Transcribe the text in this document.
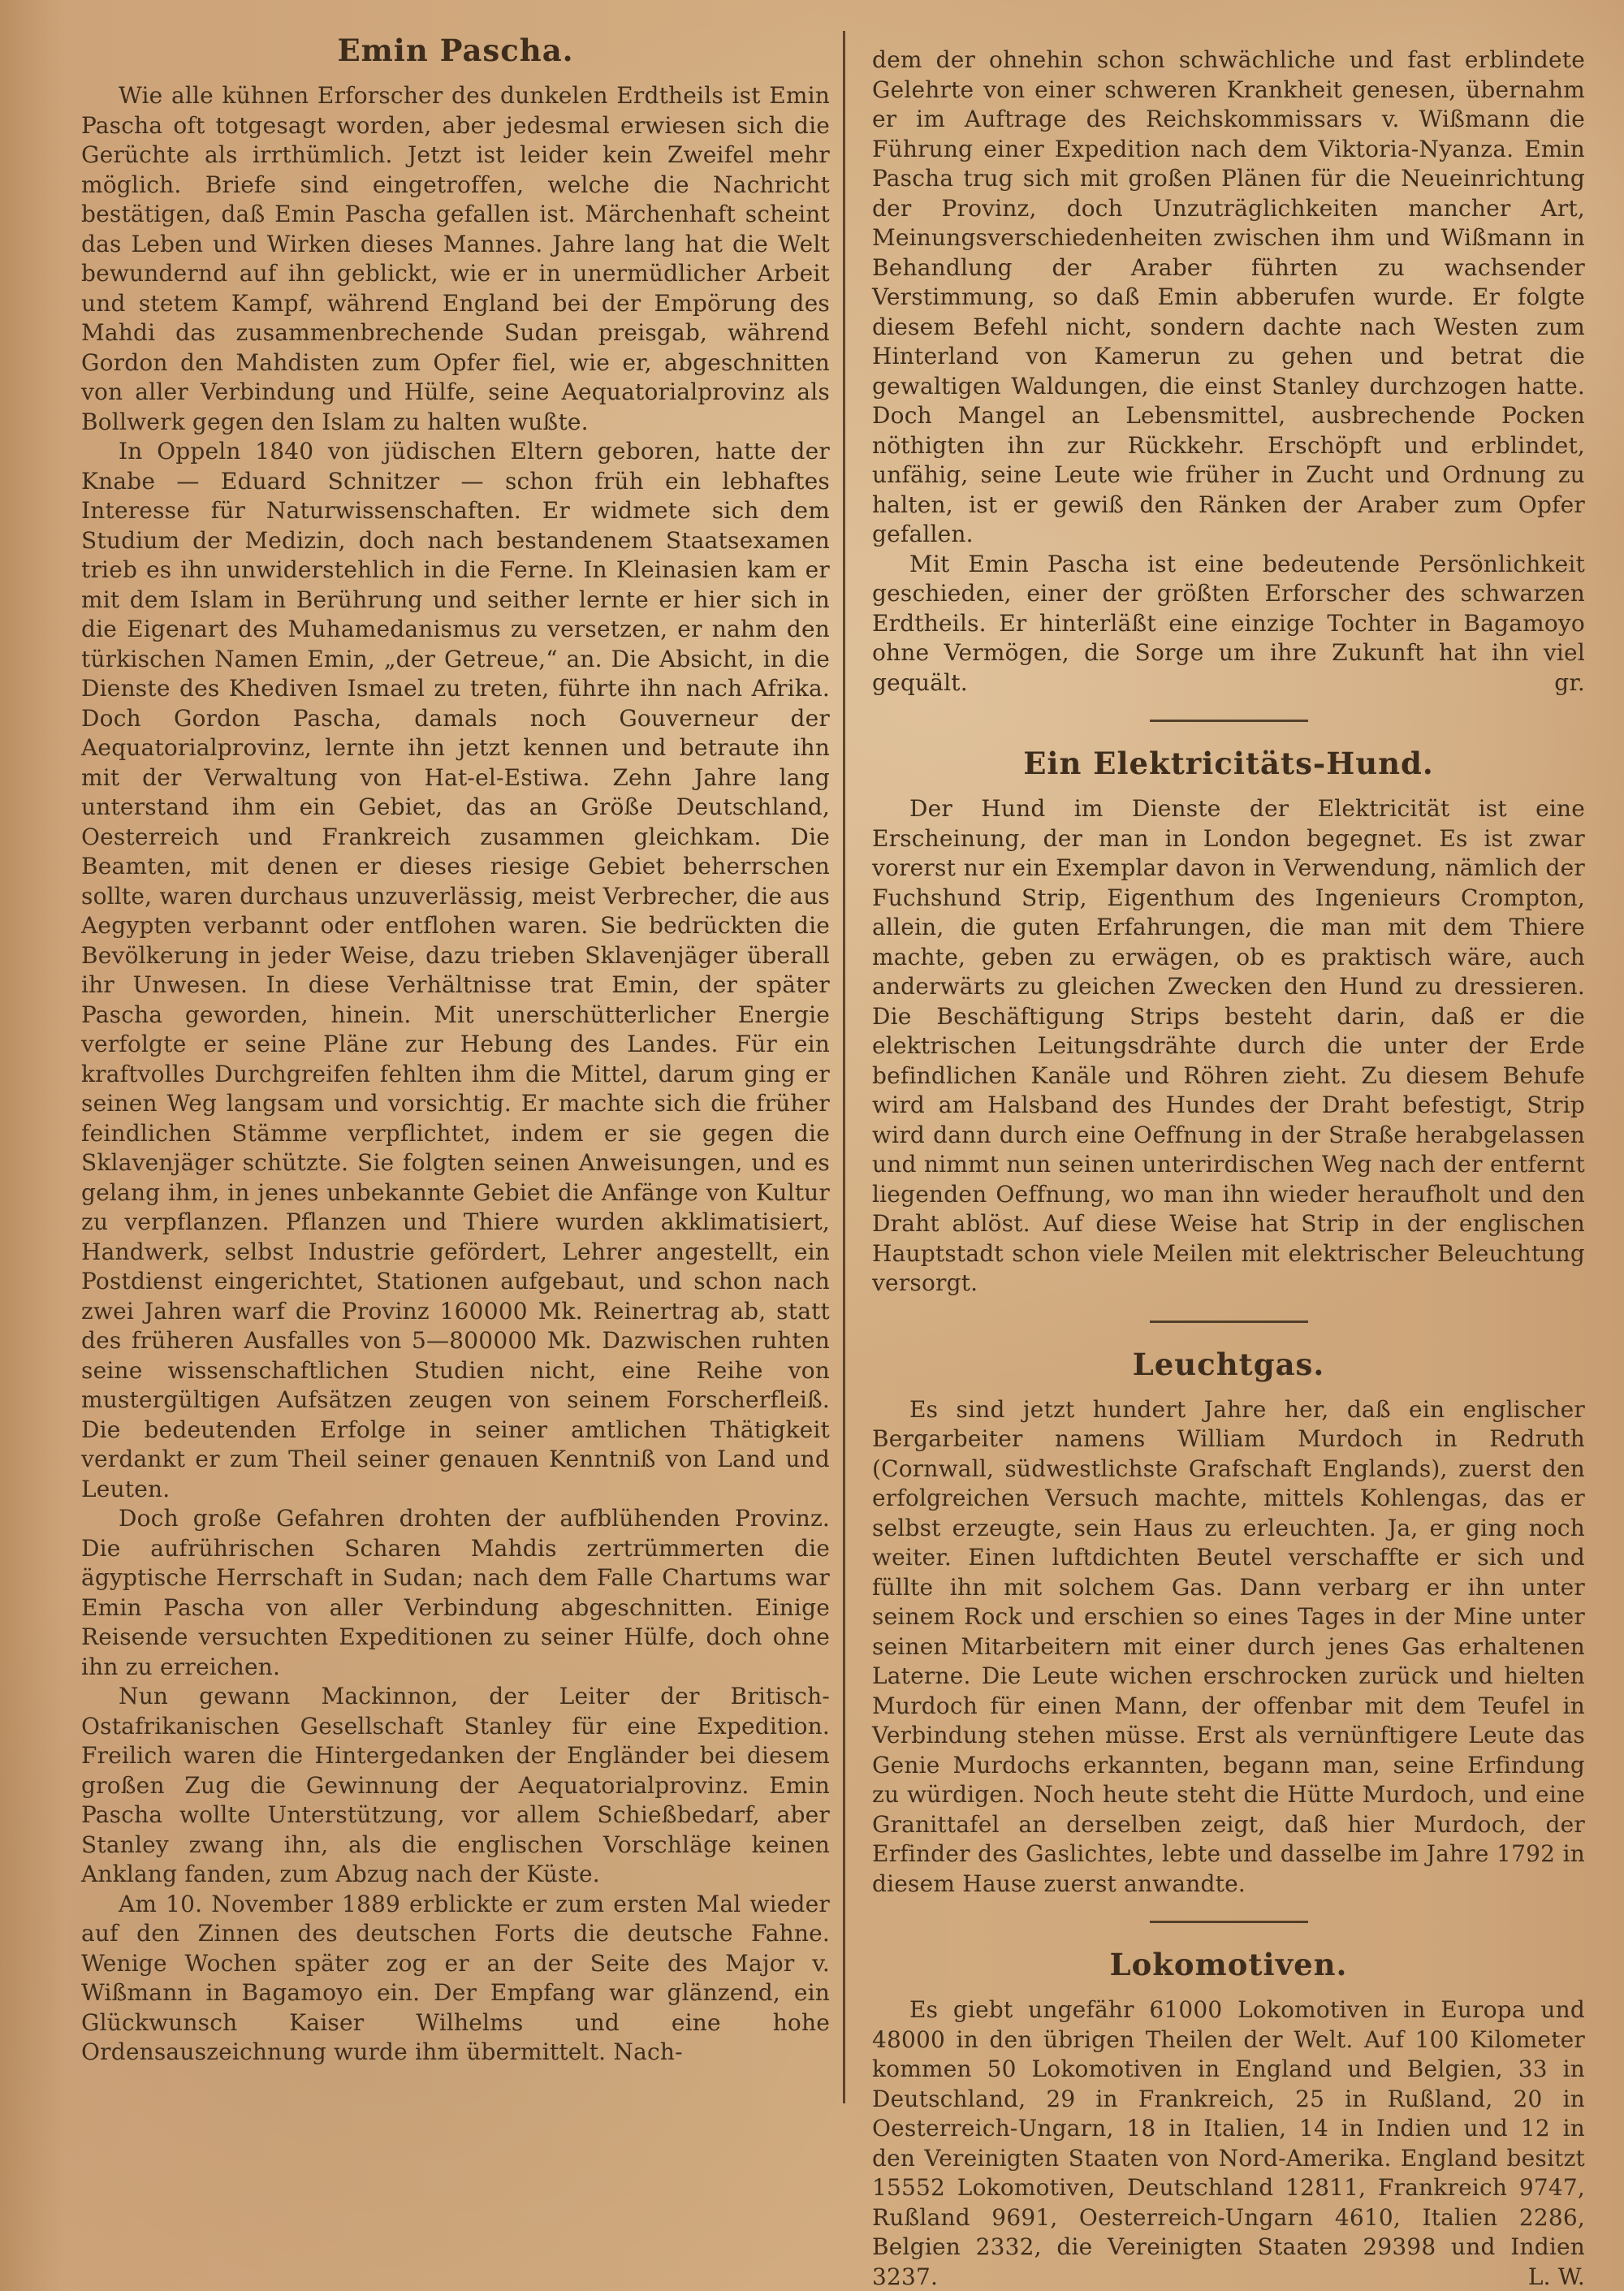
Emin Pascha.

Wie alle kühnen Erforscher des dunkelen Erdtheils ist Emin Pascha oft totgesagt worden, aber jedesmal erwiesen sich die Gerüchte als irrthümlich. Jetzt ist leider kein Zweifel mehr möglich. Briefe sind eingetroffen, welche die Nachricht bestätigen, daß Emin Pascha gefallen ist. Märchenhaft scheint das Leben und Wirken dieses Mannes. Jahre lang hat die Welt bewundernd auf ihn geblickt, wie er in unermüdlicher Arbeit und stetem Kampf, während England bei der Empörung des Mahdi das zusammenbrechende Sudan preisgab, während Gordon den Mahdisten zum Opfer fiel, wie er, abgeschnitten von aller Verbindung und Hülfe, seine Aequatorialprovinz als Bollwerk gegen den Islam zu halten wußte.

In Oppeln 1840 von jüdischen Eltern geboren, hatte der Knabe — Eduard Schnitzer — schon früh ein lebhaftes Interesse für Naturwissenschaften. Er widmete sich dem Studium der Medizin, doch nach bestandenem Staatsexamen trieb es ihn unwiderstehlich in die Ferne. In Kleinasien kam er mit dem Islam in Berührung und seither lernte er hier sich in die Eigenart des Muhamedanismus zu versetzen, er nahm den türkischen Namen Emin, „der Getreue,“ an. Die Absicht, in die Dienste des Khediven Ismael zu treten, führte ihn nach Afrika. Doch Gordon Pascha, damals noch Gouverneur der Aequatorialprovinz, lernte ihn jetzt kennen und betraute ihn mit der Verwaltung von Hat-el-Estiwa. Zehn Jahre lang unterstand ihm ein Gebiet, das an Größe Deutschland, Oesterreich und Frankreich zusammen gleichkam. Die Beamten, mit denen er dieses riesige Gebiet beherrschen sollte, waren durchaus unzuverlässig, meist Verbrecher, die aus Aegypten verbannt oder entflohen waren. Sie bedrückten die Bevölkerung in jeder Weise, dazu trieben Sklavenjäger überall ihr Unwesen. In diese Verhältnisse trat Emin, der später Pascha geworden, hinein. Mit unerschütterlicher Energie verfolgte er seine Pläne zur Hebung des Landes. Für ein kraftvolles Durchgreifen fehlten ihm die Mittel, darum ging er seinen Weg langsam und vorsichtig. Er machte sich die früher feindlichen Stämme verpflichtet, indem er sie gegen die Sklavenjäger schützte. Sie folgten seinen Anweisungen, und es gelang ihm, in jenes unbekannte Gebiet die Anfänge von Kultur zu verpflanzen. Pflanzen und Thiere wurden akklimatisiert, Handwerk, selbst Industrie gefördert, Lehrer angestellt, ein Postdienst eingerichtet, Stationen aufgebaut, und schon nach zwei Jahren warf die Provinz 160000 Mk. Reinertrag ab, statt des früheren Ausfalles von 5—800000 Mk. Dazwischen ruhten seine wissenschaftlichen Studien nicht, eine Reihe von mustergültigen Aufsätzen zeugen von seinem Forscherfleiß. Die bedeutenden Erfolge in seiner amtlichen Thätigkeit verdankt er zum Theil seiner genauen Kenntniß von Land und Leuten.

Doch große Gefahren drohten der aufblühenden Provinz. Die aufrührischen Scharen Mahdis zertrümmerten die ägyptische Herrschaft in Sudan; nach dem Falle Chartums war Emin Pascha von aller Verbindung abgeschnitten. Einige Reisende versuchten Expeditionen zu seiner Hülfe, doch ohne ihn zu erreichen.

Nun gewann Mackinnon, der Leiter der Britisch-Ostafrikanischen Gesellschaft Stanley für eine Expedition. Freilich waren die Hintergedanken der Engländer bei diesem großen Zug die Gewinnung der Aequatorialprovinz. Emin Pascha wollte Unterstützung, vor allem Schießbedarf, aber Stanley zwang ihn, als die englischen Vorschläge keinen Anklang fanden, zum Abzug nach der Küste.

Am 10. November 1889 erblickte er zum ersten Mal wieder auf den Zinnen des deutschen Forts die deutsche Fahne. Wenige Wochen später zog er an der Seite des Major v. Wißmann in Bagamoyo ein. Der Empfang war glänzend, ein Glückwunsch Kaiser Wilhelms und eine hohe Ordensauszeichnung wurde ihm übermittelt. Nach-

dem der ohnehin schon schwächliche und fast erblindete Gelehrte von einer schweren Krankheit genesen, übernahm er im Auftrage des Reichskommissars v. Wißmann die Führung einer Expedition nach dem Viktoria-Nyanza. Emin Pascha trug sich mit großen Plänen für die Neueinrichtung der Provinz, doch Unzuträglichkeiten mancher Art, Meinungsverschiedenheiten zwischen ihm und Wißmann in Behandlung der Araber führten zu wachsender Verstimmung, so daß Emin abberufen wurde. Er folgte diesem Befehl nicht, sondern dachte nach Westen zum Hinterland von Kamerun zu gehen und betrat die gewaltigen Waldungen, die einst Stanley durchzogen hatte. Doch Mangel an Lebensmittel, ausbrechende Pocken nöthigten ihn zur Rückkehr. Erschöpft und erblindet, unfähig, seine Leute wie früher in Zucht und Ordnung zu halten, ist er gewiß den Ränken der Araber zum Opfer gefallen.

Mit Emin Pascha ist eine bedeutende Persönlichkeit geschieden, einer der größten Erforscher des schwarzen Erdtheils. Er hinterläßt eine einzige Tochter in Bagamoyo ohne Vermögen, die Sorge um ihre Zukunft hat ihn viel gequält.	gr.

Ein Elektricitäts-Hund.

Der Hund im Dienste der Elektricität ist eine Erscheinung, der man in London begegnet. Es ist zwar vorerst nur ein Exemplar davon in Verwendung, nämlich der Fuchshund Strip, Eigenthum des Ingenieurs Crompton, allein, die guten Erfahrungen, die man mit dem Thiere machte, geben zu erwägen, ob es praktisch wäre, auch anderwärts zu gleichen Zwecken den Hund zu dressieren. Die Beschäftigung Strips besteht darin, daß er die elektrischen Leitungsdrähte durch die unter der Erde befindlichen Kanäle und Röhren zieht. Zu diesem Behufe wird am Halsband des Hundes der Draht befestigt, Strip wird dann durch eine Oeffnung in der Straße herabgelassen und nimmt nun seinen unterirdischen Weg nach der entfernt liegenden Oeffnung, wo man ihn wieder heraufholt und den Draht ablöst. Auf diese Weise hat Strip in der englischen Hauptstadt schon viele Meilen mit elektrischer Beleuchtung versorgt.

Leuchtgas.

Es sind jetzt hundert Jahre her, daß ein englischer Bergarbeiter namens William Murdoch in Redruth (Cornwall, südwestlichste Grafschaft Englands), zuerst den erfolgreichen Versuch machte, mittels Kohlengas, das er selbst erzeugte, sein Haus zu erleuchten. Ja, er ging noch weiter. Einen luftdichten Beutel verschaffte er sich und füllte ihn mit solchem Gas. Dann verbarg er ihn unter seinem Rock und erschien so eines Tages in der Mine unter seinen Mitarbeitern mit einer durch jenes Gas erhaltenen Laterne. Die Leute wichen erschrocken zurück und hielten Murdoch für einen Mann, der offenbar mit dem Teufel in Verbindung stehen müsse. Erst als vernünftigere Leute das Genie Murdochs erkannten, begann man, seine Erfindung zu würdigen. Noch heute steht die Hütte Murdoch, und eine Granittafel an derselben zeigt, daß hier Murdoch, der Erfinder des Gaslichtes, lebte und dasselbe im Jahre 1792 in diesem Hause zuerst anwandte.

Lokomotiven.

Es giebt ungefähr 61000 Lokomotiven in Europa und 48000 in den übrigen Theilen der Welt. Auf 100 Kilometer kommen 50 Lokomotiven in England und Belgien, 33 in Deutschland, 29 in Frankreich, 25 in Rußland, 20 in Oesterreich-Ungarn, 18 in Italien, 14 in Indien und 12 in den Vereinigten Staaten von Nord-Amerika. England besitzt 15552 Lokomotiven, Deutschland 12811, Frankreich 9747, Rußland 9691, Oesterreich-Ungarn 4610, Italien 2286, Belgien 2332, die Vereinigten Staaten 29398 und Indien 3237.	L. W.
